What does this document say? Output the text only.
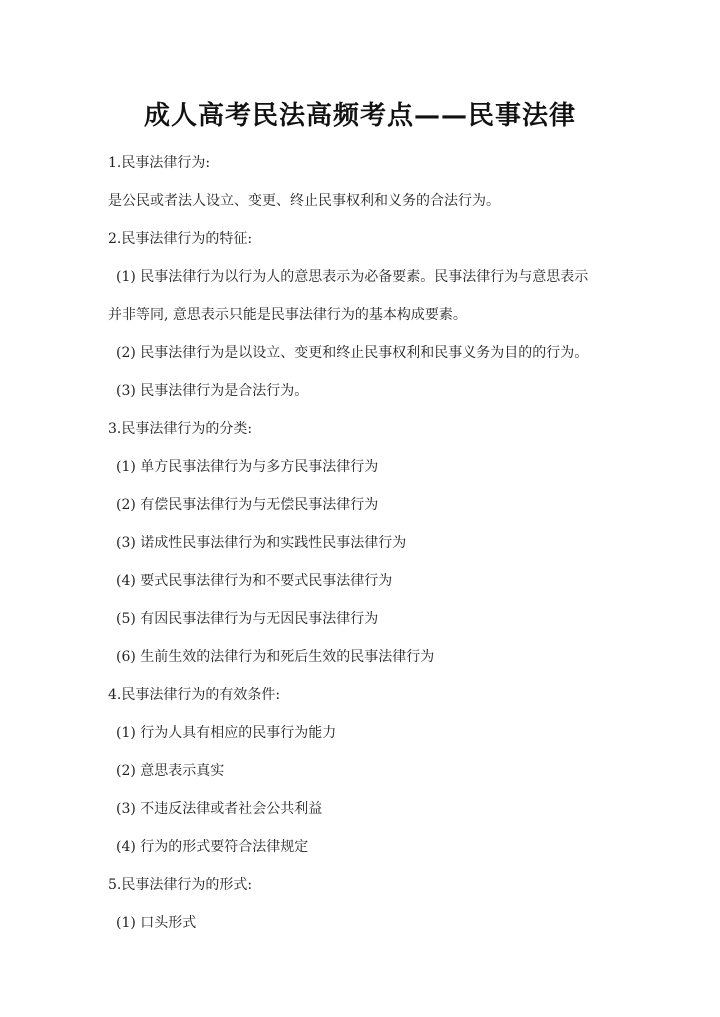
成人高考民法高频考点——民事法律
1.民事法律行为:
是公民或者法人设立、变更、终止民事权利和义务的合法行为。
2.民事法律行为的特征:
(1) 民事法律行为以行为人的意思表示为必备要素。民事法律行为与意思表示
并非等同, 意思表示只能是民事法律行为的基本构成要素。
(2) 民事法律行为是以设立、变更和终止民事权利和民事义务为目的的行为。
(3) 民事法律行为是合法行为。
3.民事法律行为的分类:
(1) 单方民事法律行为与多方民事法律行为
(2) 有偿民事法律行为与无偿民事法律行为
(3) 诺成性民事法律行为和实践性民事法律行为
(4) 要式民事法律行为和不要式民事法律行为
(5) 有因民事法律行为与无因民事法律行为
(6) 生前生效的法律行为和死后生效的民事法律行为
4.民事法律行为的有效条件:
(1) 行为人具有相应的民事行为能力
(2) 意思表示真实
(3) 不违反法律或者社会公共利益
(4) 行为的形式要符合法律规定
5.民事法律行为的形式:
(1) 口头形式
